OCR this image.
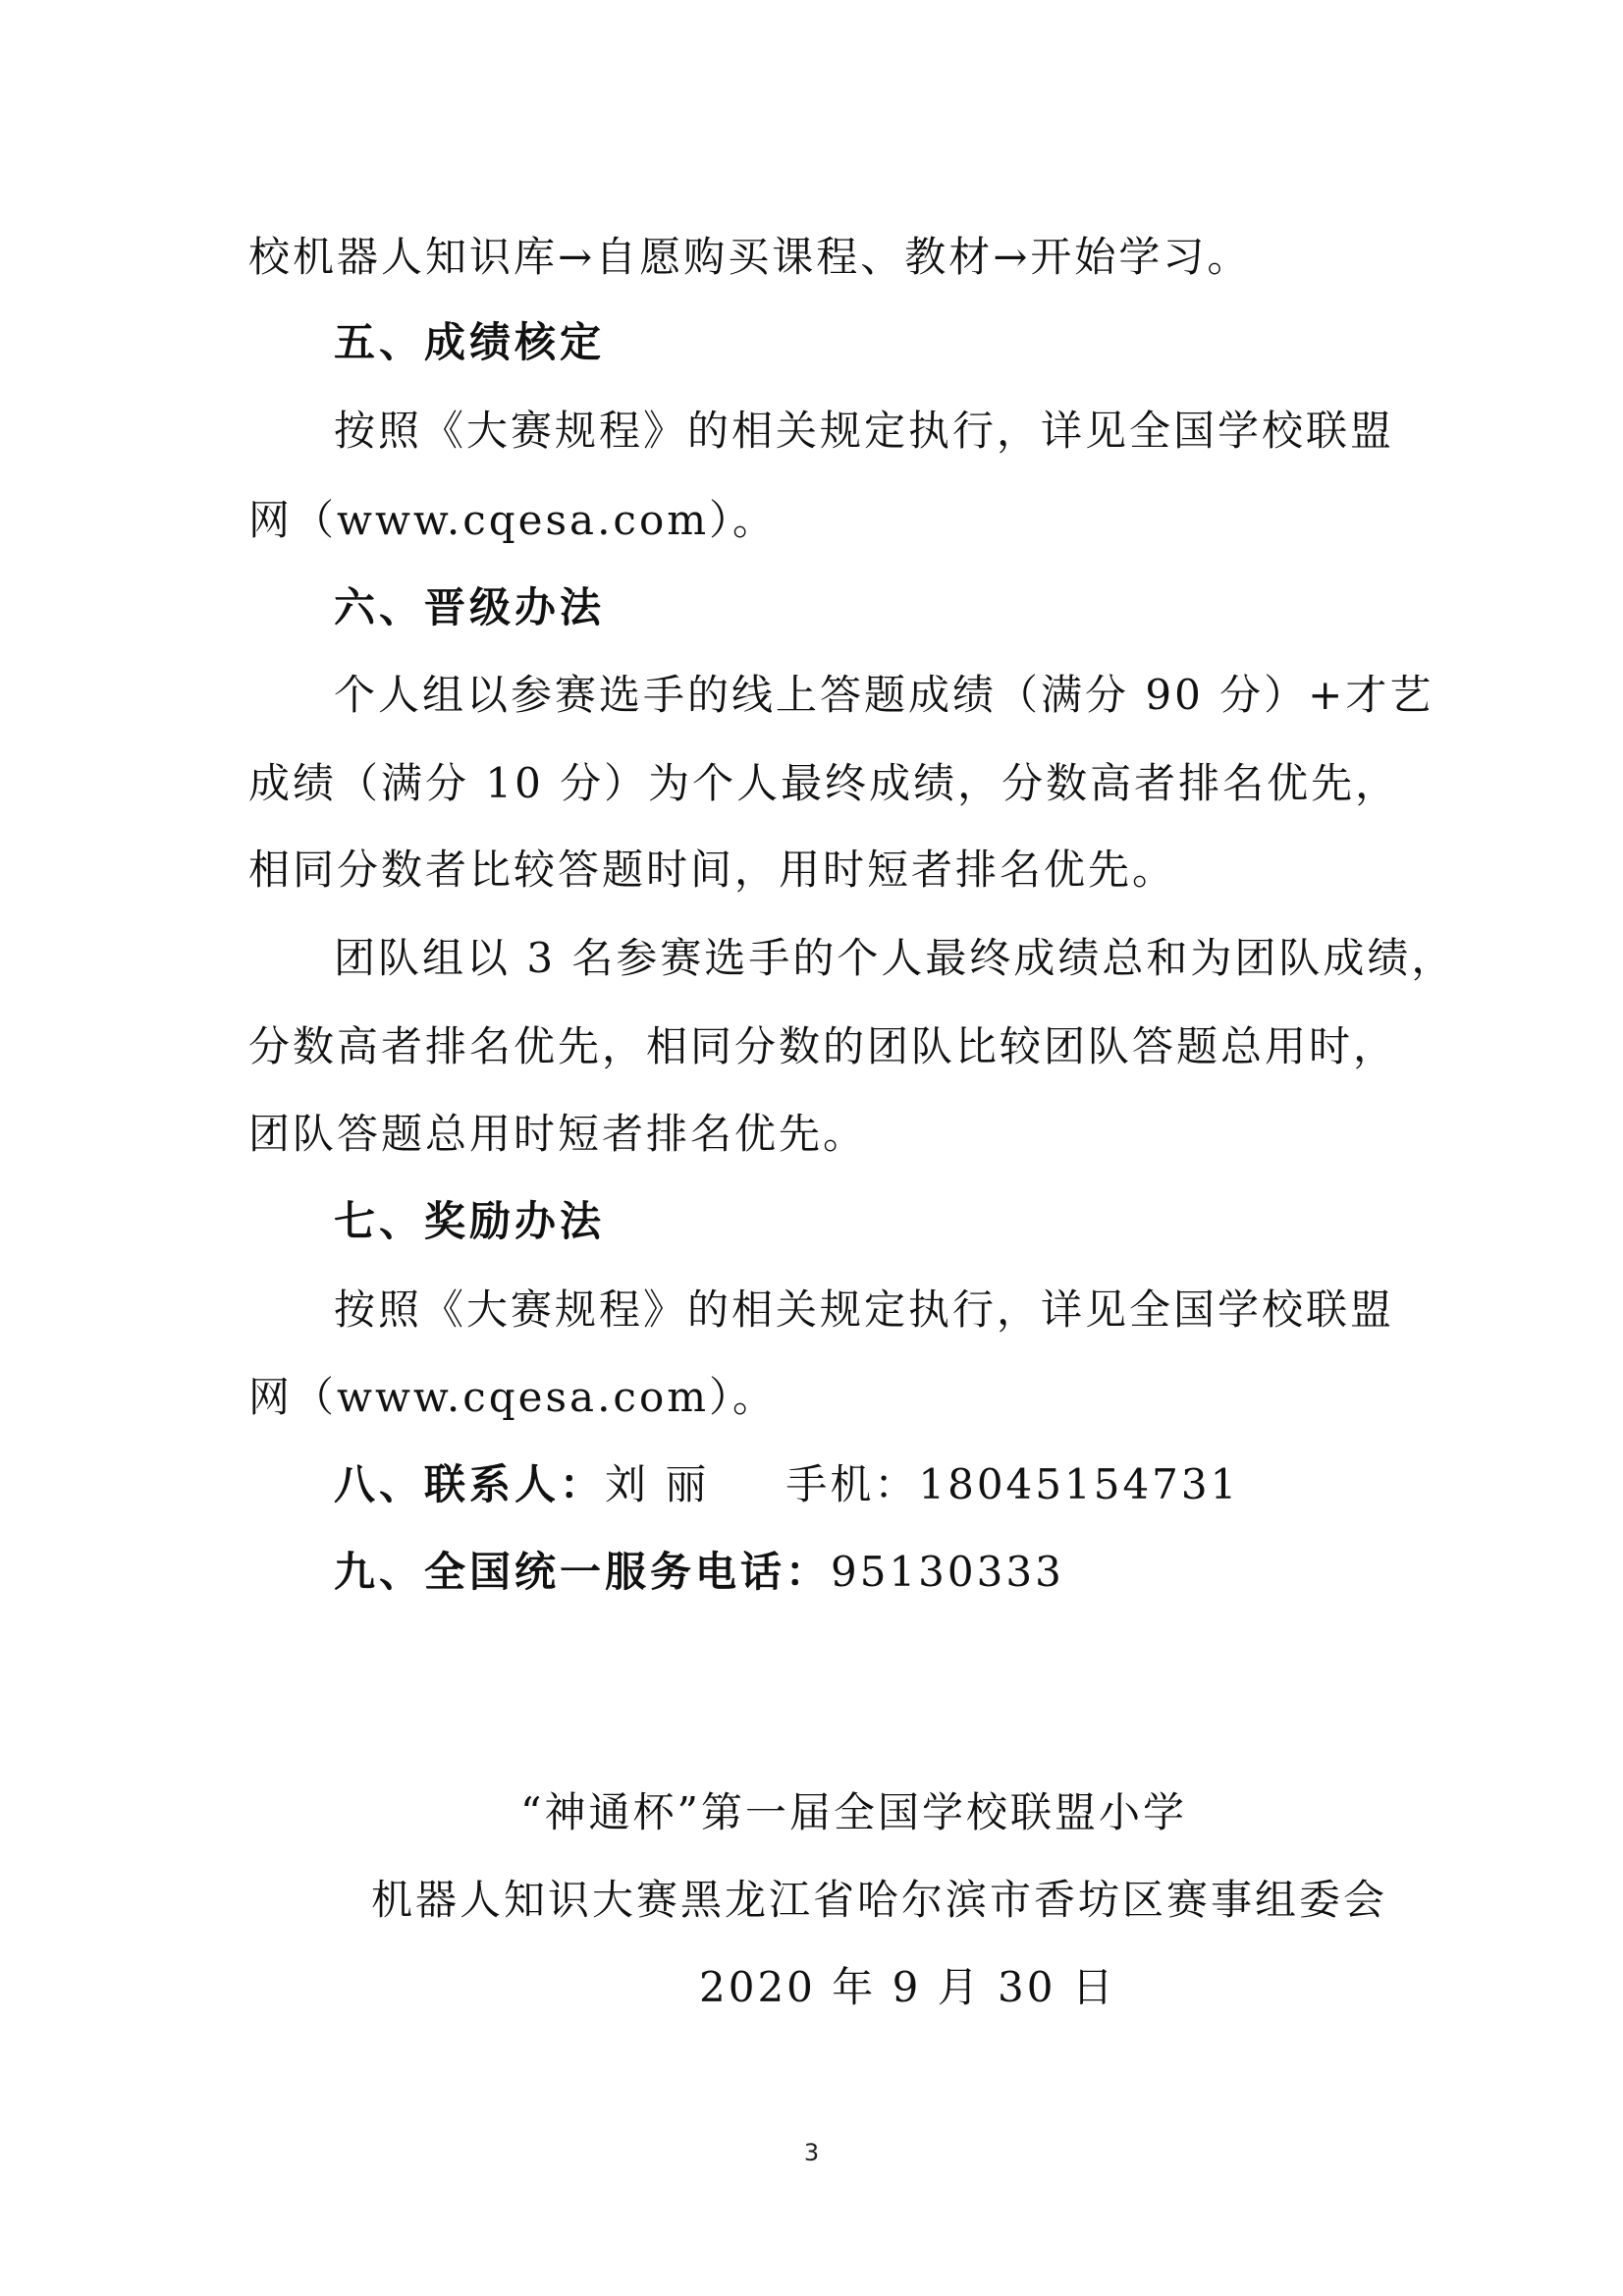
校机器人知识库→自愿购买课程、教材→开始学习。
五、成绩核定
按照《大赛规程》的相关规定执行，详见全国学校联盟
网（www.cqesa.com）。
六、晋级办法
个人组以参赛选手的线上答题成绩（满分 90 分）+才艺
成绩（满分 10 分）为个人最终成绩，分数高者排名优先，
相同分数者比较答题时间，用时短者排名优先。
团队组以 3 名参赛选手的个人最终成绩总和为团队成绩，
分数高者排名优先，相同分数的团队比较团队答题总用时，
团队答题总用时短者排名优先。
七、奖励办法
按照《大赛规程》的相关规定执行，详见全国学校联盟
网（www.cqesa.com）。
八、联系人：刘 丽 手机：18045154731
九、全国统一服务电话：95130333
“神通杯”第一届全国学校联盟小学
机器人知识大赛黑龙江省哈尔滨市香坊区赛事组委会
2020 年 9 月 30 日
3
